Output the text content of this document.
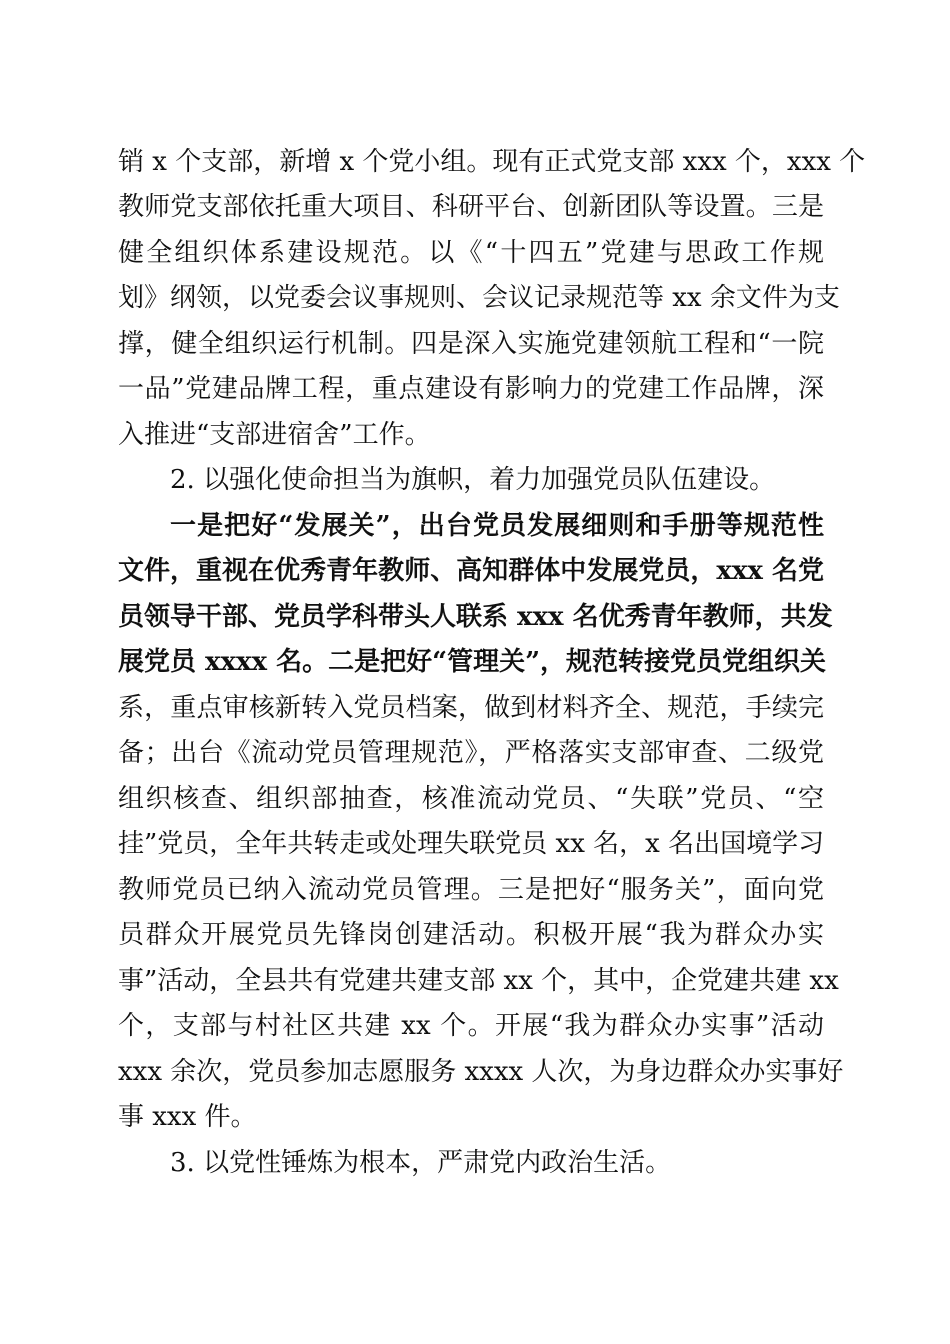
销 x 个支部，新增 x 个党小组。现有正式党支部 xxx 个，xxx 个
教师党支部依托重大项目、科研平台、创新团队等设置。三是
健全组织体系建设规范。以《“十四五”党建与思政工作规
划》纲领，以党委会议事规则、会议记录规范等 xx 余文件为支
撑，健全组织运行机制。四是深入实施党建领航工程和“一院
一品”党建品牌工程，重点建设有影响力的党建工作品牌，深
入推进“支部进宿舍”工作。
2. 以强化使命担当为旗帜，着力加强党员队伍建设。
一是把好“发展关”，出台党员发展细则和手册等规范性
文件，重视在优秀青年教师、高知群体中发展党员，xxx 名党
员领导干部、党员学科带头人联系 xxx 名优秀青年教师，共发
展党员 xxxx 名。二是把好“管理关”，规范转接党员党组织关
系，重点审核新转入党员档案，做到材料齐全、规范，手续完
备；出台《流动党员管理规范》，严格落实支部审查、二级党
组织核查、组织部抽查，核准流动党员、“失联”党员、“空
挂”党员，全年共转走或处理失联党员 xx 名，x 名出国境学习
教师党员已纳入流动党员管理。三是把好“服务关”，面向党
员群众开展党员先锋岗创建活动。积极开展“我为群众办实
事”活动，全县共有党建共建支部 xx 个，其中，企党建共建 xx
个，支部与村社区共建 xx 个。开展“我为群众办实事”活动
xxx 余次，党员参加志愿服务 xxxx 人次，为身边群众办实事好
事 xxx 件。
3. 以党性锤炼为根本，严肃党内政治生活。
